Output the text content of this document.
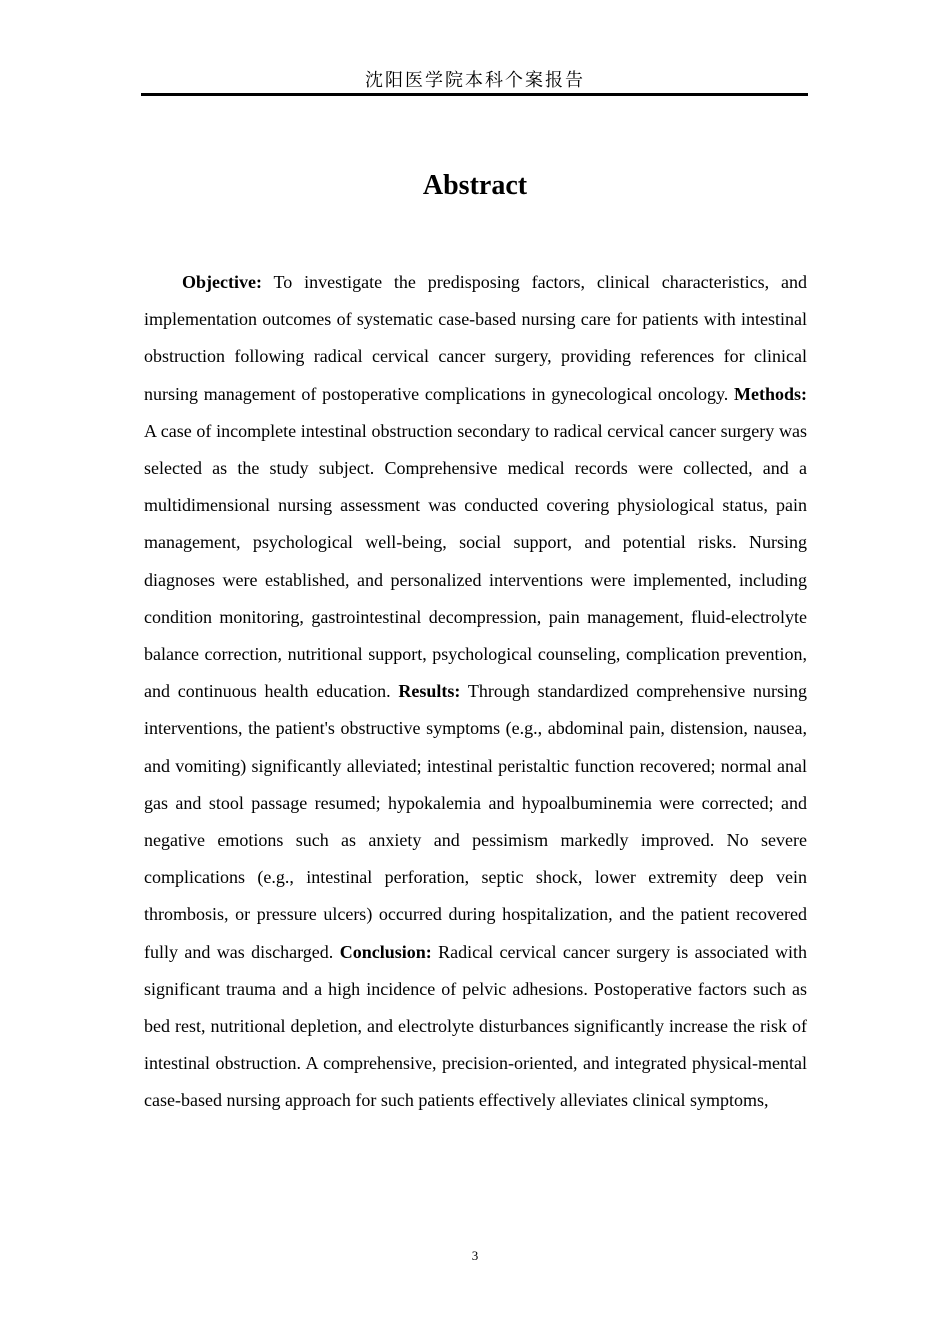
沈阳医学院本科个案报告
Abstract

Objective: To investigate the predisposing factors, clinical characteristics, and implementation outcomes of systematic case-based nursing care for patients with intestinal obstruction following radical cervical cancer surgery, providing references for clinical nursing management of postoperative complications in gynecological oncology. Methods: A case of incomplete intestinal obstruction secondary to radical cervical cancer surgery was selected as the study subject. Comprehensive medical records were collected, and a multidimensional nursing assessment was conducted covering physiological status, pain management, psychological well-being, social support, and potential risks. Nursing diagnoses were established, and personalized interventions were implemented, including condition monitoring, gastrointestinal decompression, pain management, fluid-electrolyte balance correction, nutritional support, psychological counseling, complication prevention, and continuous health education. Results: Through standardized comprehensive nursing interventions, the patient's obstructive symptoms (e.g., abdominal pain, distension, nausea, and vomiting) significantly alleviated; intestinal peristaltic function recovered; normal anal gas and stool passage resumed; hypokalemia and hypoalbuminemia were corrected; and negative emotions such as anxiety and pessimism markedly improved. No severe complications (e.g., intestinal perforation, septic shock, lower extremity deep vein thrombosis, or pressure ulcers) occurred during hospitalization, and the patient recovered fully and was discharged. Conclusion: Radical cervical cancer surgery is associated with significant trauma and a high incidence of pelvic adhesions. Postoperative factors such as bed rest, nutritional depletion, and electrolyte disturbances significantly increase the risk of intestinal obstruction. A comprehensive, precision-oriented, and integrated physical-mental case-based nursing approach for such patients effectively alleviates clinical symptoms,

3
